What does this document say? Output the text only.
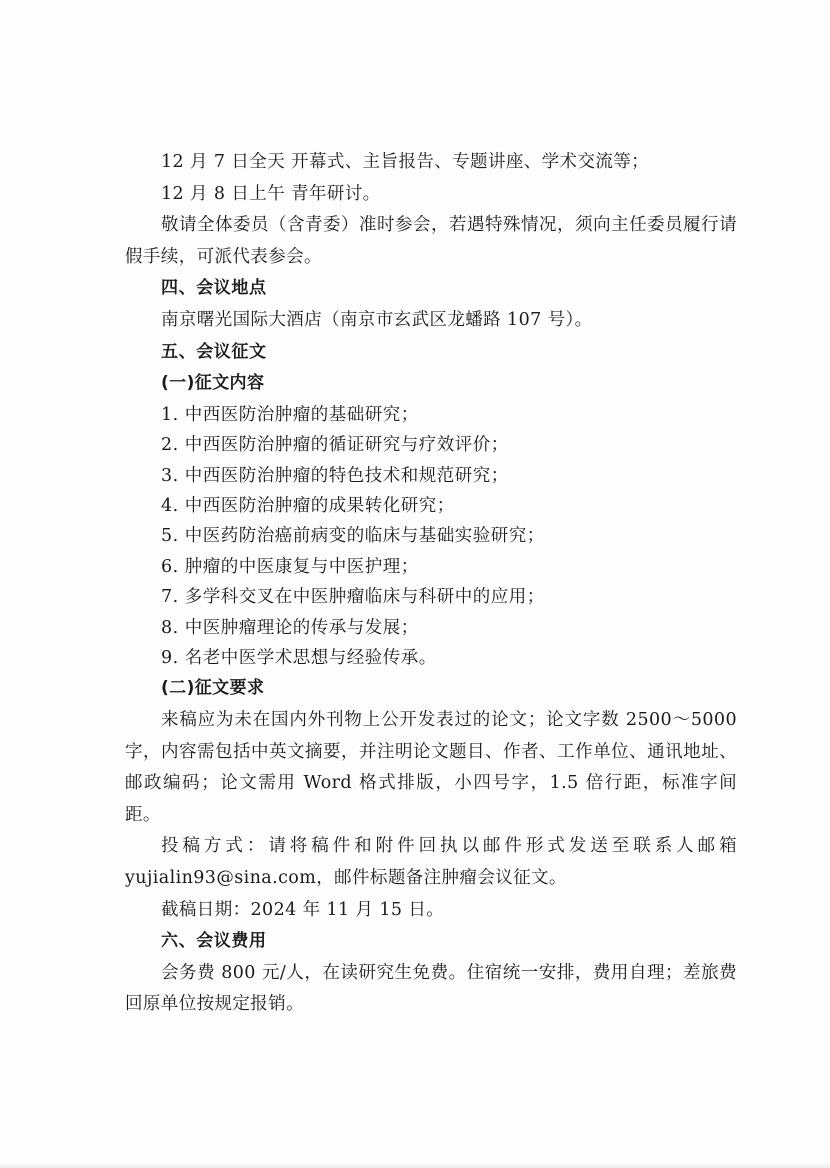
12 月 7 日全天 开幕式、主旨报告、专题讲座、学术交流等；

12 月 8 日上午 青年研讨。

敬请全体委员（含青委）准时参会，若遇特殊情况，须向主任委员履行请假手续，可派代表参会。

四、会议地点

南京曙光国际大酒店（南京市玄武区龙蟠路 107 号）。

五、会议征文

(一)征文内容

1. 中西医防治肿瘤的基础研究；

2. 中西医防治肿瘤的循证研究与疗效评价；

3. 中西医防治肿瘤的特色技术和规范研究；

4. 中西医防治肿瘤的成果转化研究；

5. 中医药防治癌前病变的临床与基础实验研究；

6. 肿瘤的中医康复与中医护理；

7. 多学科交叉在中医肿瘤临床与科研中的应用；

8. 中医肿瘤理论的传承与发展；

9. 名老中医学术思想与经验传承。

(二)征文要求

来稿应为未在国内外刊物上公开发表过的论文；论文字数 2500～5000 字，内容需包括中英文摘要，并注明论文题目、作者、工作单位、通讯地址、邮政编码；论文需用 Word 格式排版，小四号字，1.5 倍行距，标准字间距。

投稿方式：请将稿件和附件回执以邮件形式发送至联系人邮箱 yujialin93@sina.com，邮件标题备注肿瘤会议征文。

截稿日期：2024 年 11 月 15 日。

六、会议费用

会务费 800 元/人，在读研究生免费。住宿统一安排，费用自理；差旅费回原单位按规定报销。
